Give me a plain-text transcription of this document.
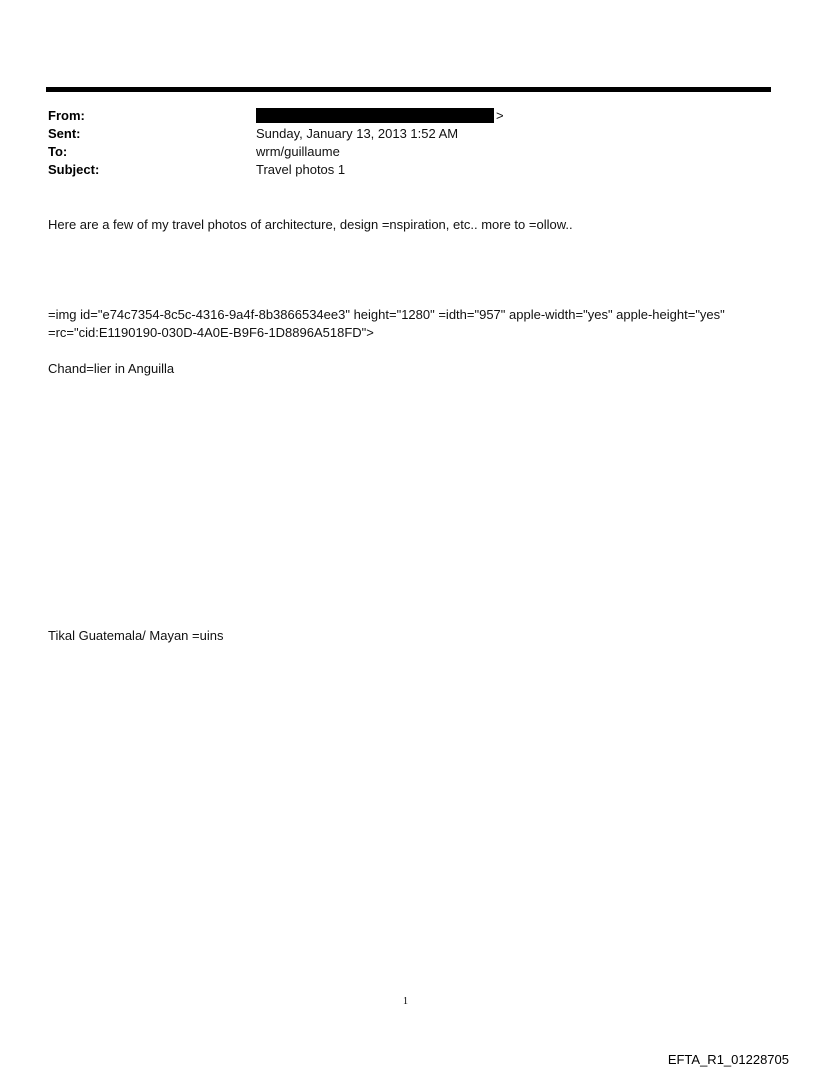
From:	>
Sent:	Sunday, January 13, 2013 1:52 AM
To:	wrm/guillaume
Subject:	Travel photos 1
Here are a few of my travel photos of architecture, design =nspiration, etc.. more to =ollow..
=img id="e74c7354-8c5c-4316-9a4f-8b3866534ee3" height="1280" =idth="957" apple-width="yes" apple-height="yes"
=rc="cid:E1190190-030D-4A0E-B9F6-1D8896A518FD">
Chand=lier in Anguilla
Tikal Guatemala/ Mayan =uins
1
EFTA_R1_01228705
